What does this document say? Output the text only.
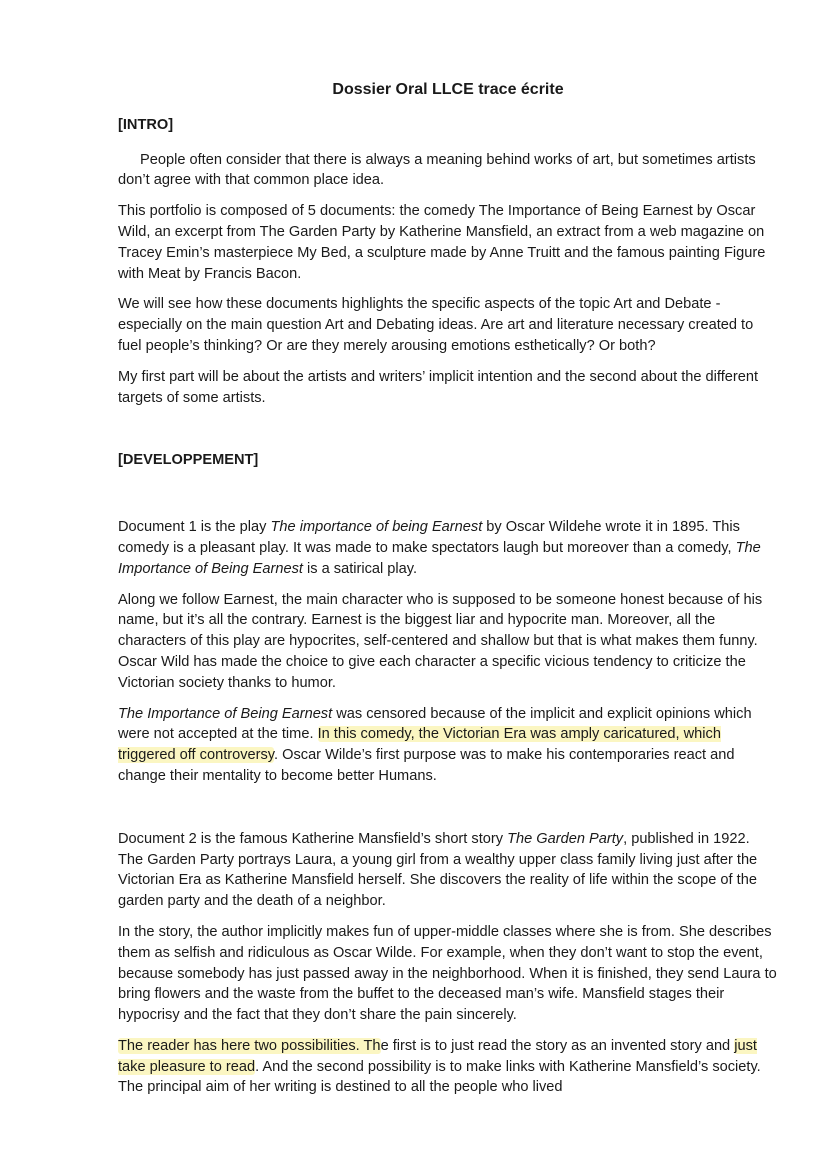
Dossier Oral LLCE trace écrite
[INTRO]

People often consider that there is always a meaning behind works of art, but sometimes artists don’t agree with that common place idea.

This portfolio is composed of 5 documents: the comedy The Importance of Being Earnest by Oscar Wild, an excerpt from The Garden Party by Katherine Mansfield, an extract from a web magazine on Tracey Emin’s masterpiece My Bed, a sculpture made by Anne Truitt and the famous painting Figure with Meat by Francis Bacon.

We will see how these documents highlights the specific aspects of the topic Art and Debate - especially on the main question Art and Debating ideas. Are art and literature necessary created to fuel people’s thinking? Or are they merely arousing emotions esthetically? Or both?

My first part will be about the artists and writers’ implicit intention and the second about the different targets of some artists.

[DEVELOPPEMENT]

Document 1 is the play The importance of being Earnest by Oscar Wildehe wrote it in 1895. This comedy is a pleasant play. It was made to make spectators laugh but moreover than a comedy, The Importance of Being Earnest is a satirical play.

Along we follow Earnest, the main character who is supposed to be someone honest because of his name, but it’s all the contrary. Earnest is the biggest liar and hypocrite man. Moreover, all the characters of this play are hypocrites, self-centered and shallow but that is what makes them funny. Oscar Wild has made the choice to give each character a specific vicious tendency to criticize the Victorian society thanks to humor.

The Importance of Being Earnest was censored because of the implicit and explicit opinions which were not accepted at the time. In this comedy, the Victorian Era was amply caricatured, which triggered off controversy. Oscar Wilde’s first purpose was to make his contemporaries react and change their mentality to become better Humans.

Document 2 is the famous Katherine Mansfield’s short story The Garden Party, published in 1922. The Garden Party portrays Laura, a young girl from a wealthy upper class family living just after the Victorian Era as Katherine Mansfield herself. She discovers the reality of life within the scope of the garden party and the death of a neighbor.

In the story, the author implicitly makes fun of upper-middle classes where she is from. She describes them as selfish and ridiculous as Oscar Wilde. For example, when they don’t want to stop the event, because somebody has just passed away in the neighborhood. When it is finished, they send Laura to bring flowers and the waste from the buffet to the deceased man’s wife. Mansfield stages their hypocrisy and the fact that they don’t share the pain sincerely.

The reader has here two possibilities. The first is to just read the story as an invented story and just take pleasure to read. And the second possibility is to make links with Katherine Mansfield’s society. The principal aim of her writing is destined to all the people who lived
